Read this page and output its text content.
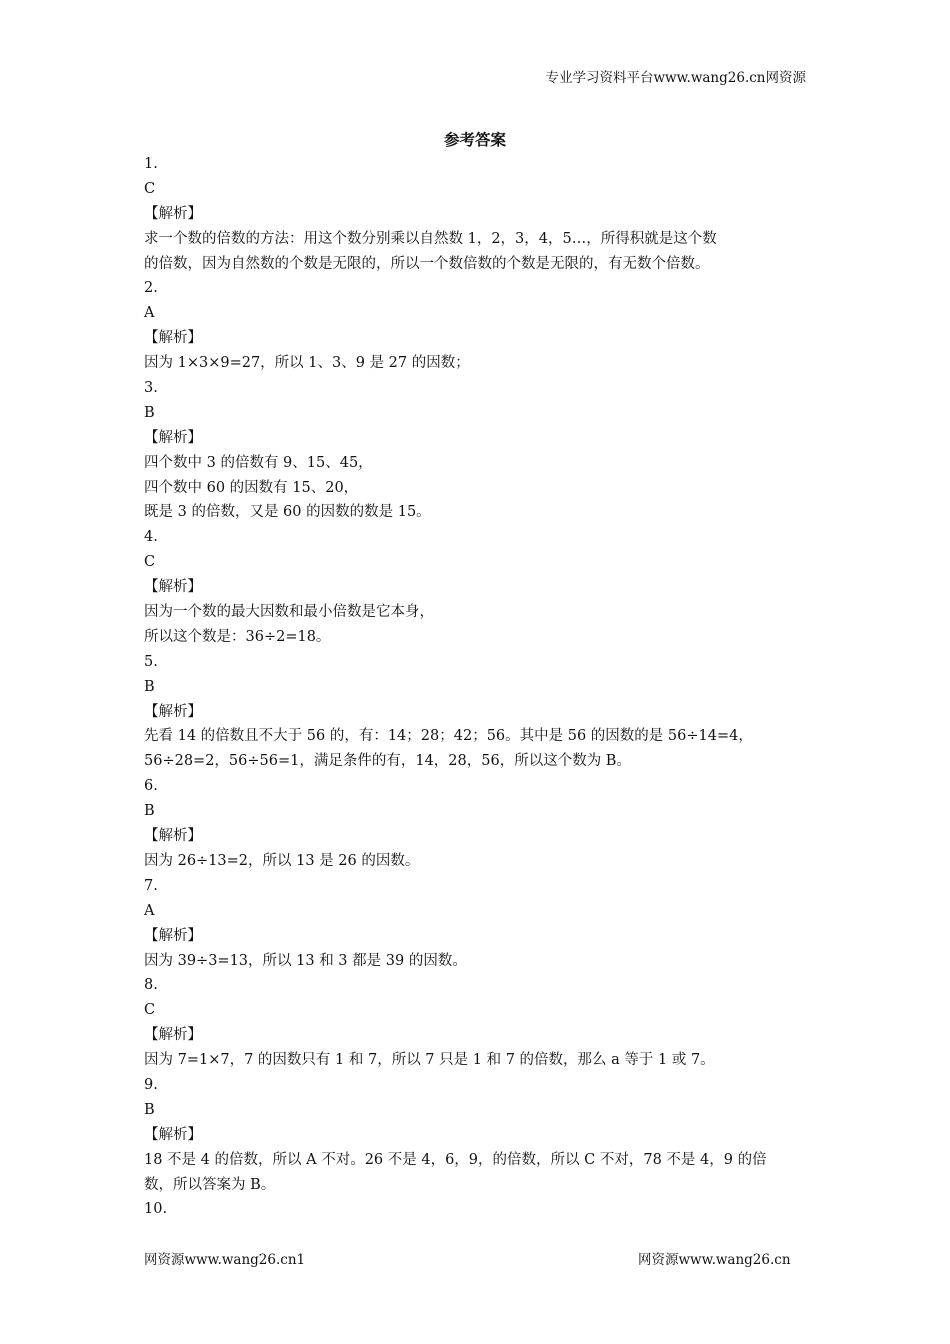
专业学习资料平台www.wang26.cn网资源
参考答案
1.
C
【解析】
求一个数的倍数的方法：用这个数分别乘以自然数 1，2，3，4，5…，所得积就是这个数
的倍数，因为自然数的个数是无限的，所以一个数倍数的个数是无限的，有无数个倍数。
2.
A
【解析】
因为 1×3×9=27，所以 1、3、9 是 27 的因数；
3.
B
【解析】
四个数中 3 的倍数有 9、15、45，
四个数中 60 的因数有 15、20，
既是 3 的倍数，又是 60 的因数的数是 15。
4.
C
【解析】
因为一个数的最大因数和最小倍数是它本身，
所以这个数是：36÷2=18。
5.
B
【解析】
先看 14 的倍数且不大于 56 的，有：14；28；42；56。其中是 56 的因数的是 56÷14=4，
56÷28=2，56÷56=1，满足条件的有，14，28，56，所以这个数为 B。
6.
B
【解析】
因为 26÷13=2，所以 13 是 26 的因数。
7.
A
【解析】
因为 39÷3=13，所以 13 和 3 都是 39 的因数。
8.
C
【解析】
因为 7=1×7，7 的因数只有 1 和 7，所以 7 只是 1 和 7 的倍数，那么 a 等于 1 或 7。
9.
B
【解析】
18 不是 4 的倍数，所以 A 不对。26 不是 4，6，9，的倍数，所以 C 不对，78 不是 4，9 的倍
数，所以答案为 B。
10.
网资源www.wang26.cn1	网资源www.wang26.cn
